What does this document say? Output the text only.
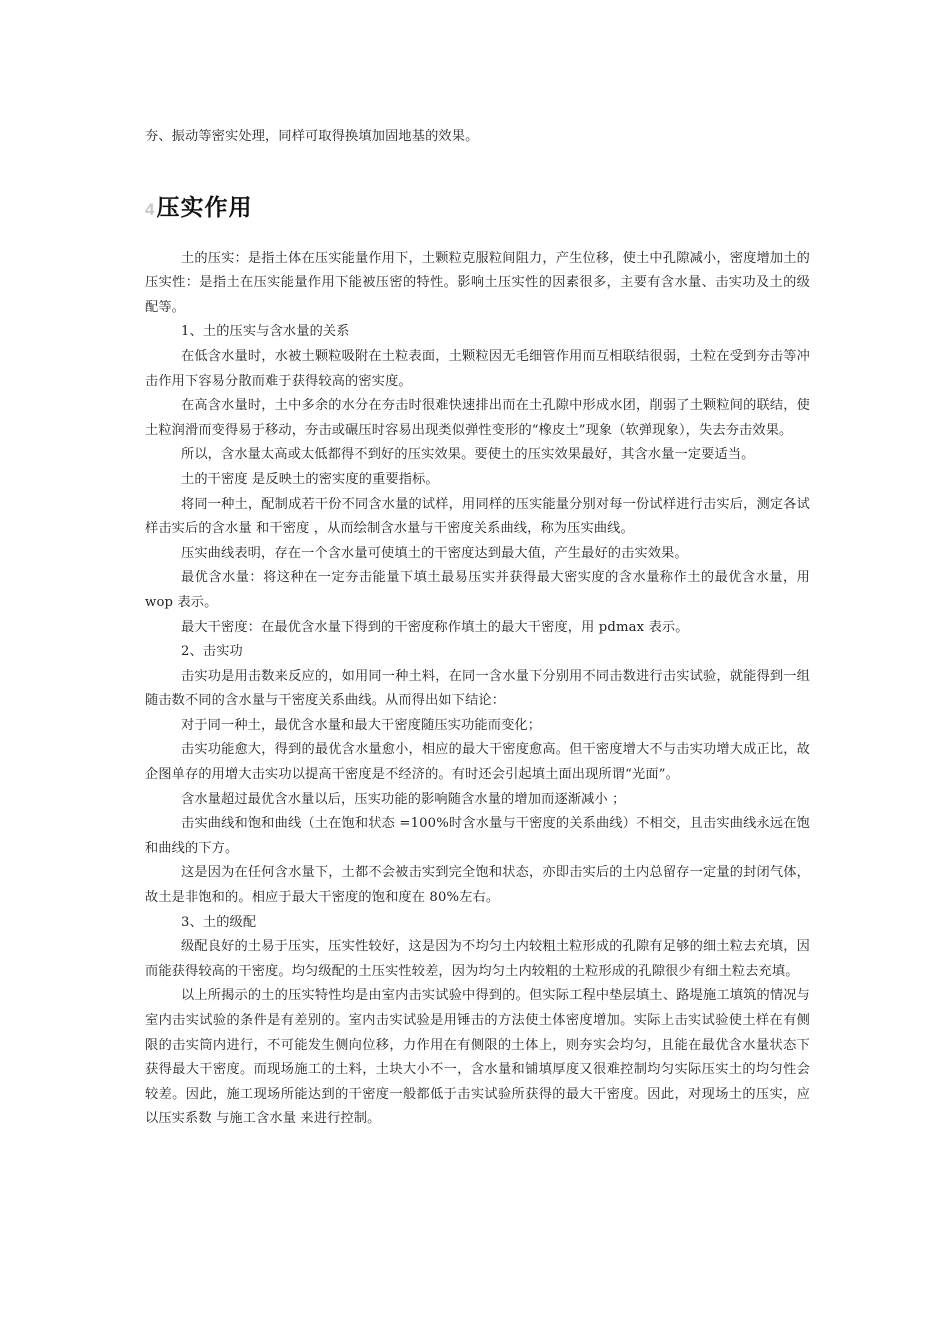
夯、振动等密实处理，同样可取得换填加固地基的效果。

4 压实作用

土的压实：是指土体在压实能量作用下，土颗粒克服粒间阻力，产生位移，使土中孔隙减小，密度增加土的压实性：是指土在压实能量作用下能被压密的特性。影响土压实性的因素很多，主要有含水量、击实功及土的级配等。

1、土的压实与含水量的关系

在低含水量时，水被土颗粒吸附在土粒表面，土颗粒因无毛细管作用而互相联结很弱，土粒在受到夯击等冲击作用下容易分散而难于获得较高的密实度。

在高含水量时，土中多余的水分在夯击时很难快速排出而在土孔隙中形成水团，削弱了土颗粒间的联结，使土粒润滑而变得易于移动，夯击或碾压时容易出现类似弹性变形的“橡皮土”现象（软弹现象），失去夯击效果。

所以，含水量太高或太低都得不到好的压实效果。要使土的压实效果最好，其含水量一定要适当。

土的干密度 是反映土的密实度的重要指标。

将同一种土，配制成若干份不同含水量的试样，用同样的压实能量分别对每一份试样进行击实后，测定各试样击实后的含水量 和干密度 ，从而绘制含水量与干密度关系曲线，称为压实曲线。

压实曲线表明，存在一个含水量可使填土的干密度达到最大值，产生最好的击实效果。

最优含水量：将这种在一定夯击能量下填土最易压实并获得最大密实度的含水量称作土的最优含水量，用 wop 表示。

最大干密度：在最优含水量下得到的干密度称作填土的最大干密度，用 pdmax 表示。

2、击实功

击实功是用击数来反应的，如用同一种土料，在同一含水量下分别用不同击数进行击实试验，就能得到一组随击数不同的含水量与干密度关系曲线。从而得出如下结论：

对于同一种土，最优含水量和最大干密度随压实功能而变化；

击实功能愈大，得到的最优含水量愈小，相应的最大干密度愈高。但干密度增大不与击实功增大成正比，故企图单存的用增大击实功以提高干密度是不经济的。有时还会引起填土面出现所谓“光面”。

含水量超过最优含水量以后，压实功能的影响随含水量的增加而逐渐减小 ；

击实曲线和饱和曲线（土在饱和状态 =100%时含水量与干密度的关系曲线）不相交，且击实曲线永远在饱和曲线的下方。

这是因为在任何含水量下，土都不会被击实到完全饱和状态，亦即击实后的土内总留存一定量的封闭气体，故土是非饱和的。相应于最大干密度的饱和度在 80%左右。

3、土的级配

级配良好的土易于压实，压实性较好，这是因为不均匀土内较粗土粒形成的孔隙有足够的细土粒去充填，因而能获得较高的干密度。均匀级配的土压实性较差，因为均匀土内较粗的土粒形成的孔隙很少有细土粒去充填。

以上所揭示的土的压实特性均是由室内击实试验中得到的。但实际工程中垫层填土、路堤施工填筑的情况与室内击实试验的条件是有差别的。室内击实试验是用锤击的方法使土体密度增加。实际上击实试验使土样在有侧限的击实筒内进行，不可能发生侧向位移，力作用在有侧限的土体上，则夯实会均匀，且能在最优含水量状态下获得最大干密度。而现场施工的土料，土块大小不一，含水量和铺填厚度又很难控制均匀实际压实土的均匀性会较差。因此，施工现场所能达到的干密度一般都低于击实试验所获得的最大干密度。因此，对现场土的压实，应以压实系数 与施工含水量 来进行控制。
